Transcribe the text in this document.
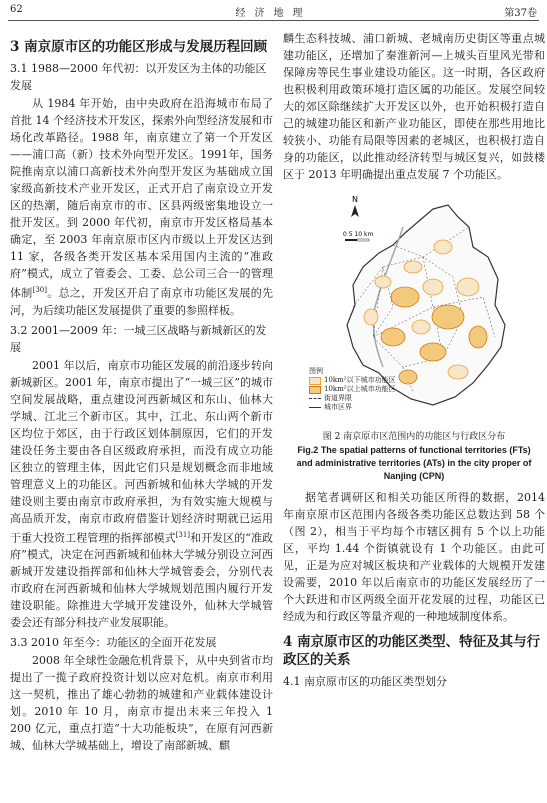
62	经济地理	第37卷
3 南京原市区的功能区形成与发展历程回顾
3.1 1988—2000 年代初：以开发区为主体的功能区发展

从 1984 年开始，由中央政府在沿海城市布局了首批 14 个经济技术开发区，探索外向型经济发展和市场化改革路径。1988 年，南京建立了第一个开发区——浦口高（新）技术外向型开发区。1991年，国务院推南京以浦口高新技术外向型开发区为基础成立国家级高新技术产业开发区，正式开启了南京设立开发区的热潮，随后南京市的市、区县两级密集地设立一批开发区。到 2000 年代初，南京市开发区格局基本确定，至 2003 年南京原市区内市级以上开发区达到 11 家，各级各类开发区基本采用国内主流的“准政府”模式，成立了管委会、工委、总公司三合一的管理体制[30]。总之，开发区开启了南京市功能区发展的先河，为后续功能区发展提供了重要的参照样板。

3.2 2001—2009 年：一城三区战略与新城新区的发展

2001 年以后，南京市功能区发展的前沿逐步转向新城新区。2001 年，南京市提出了“一城三区”的城市空间发展战略，重点建设河西新城区和东山、仙林大学城、江北三个新市区。其中，江北、东山两个新市区均位于郊区，由于行政区划体制原因，它们的开发建设任务主要由各自区级政府承担，而没有成立功能区独立的管理主体，因此它们只是规划概念而非地域管理意义上的功能区。河西新城和仙林大学城的开发建设则主要由南京市政府承担，为有效实施大规模与高品质开发，南京市政府借鉴计划经济时期就已运用于重大投资工程管理的指挥部模式[31]和开发区的“准政府”模式，决定在河西新城和仙林大学城分别设立河西新城开发建设指挥部和仙林大学城管委会，分别代表市政府在河西新城和仙林大学城规划范围内履行开发建设职能。除推进大学城开发建设外，仙林大学城管委会还有部分科技产业发展职能。

3.3 2010 年至今：功能区的全面开花发展

2008 年全球性金融危机背景下，从中央到省市均提出了一揽子政府投资计划以应对危机。南京市利用这一契机，推出了雄心勃勃的城建和产业载体建设计划。2010 年 10 月，南京市提出未来三年投入 1 200 亿元，重点打造“十大功能板块”，在原有河西新城、仙林大学城基础上，增设了南部新城、麒

麟生态科技城、浦口新城、老城南历史街区等重点城建功能区，还增加了秦淮新河—上城头百里风光带和保障房等民生事业建设功能区。这一时期，各区政府也积极利用政策环境打造区属的功能区。发展空间较大的郊区除继续扩大开发区以外，也开始积极打造自己的城建功能区和新产业功能区，即使在那些用地比较狭小、功能有局限等因素的老城区，也积极打造自身的功能区，以此推动经济转型与城区复兴，如鼓楼区于 2013 年明确提出重点发展 7 个功能区。

N
0 5 10 km
图例
10km²以下城市功能区
10km²以上城市功能区
街道界限
城市区界
图 2 南京原市区范围内的功能区与行政区分布
Fig.2 The spatial patterns of functional territories (FTs)
and administrative territories (ATs) in the city proper of
Nanjing (CPN)

据笔者调研区和相关功能区所得的数据，2014 年南京原市区范围内各级各类功能区总数达到 58 个（图 2），相当于平均每个市辖区拥有 5 个以上功能区，平均 1.44 个街镇就设有 1 个功能区。由此可见，正是为应对城区板块和产业载体的大规模开发建设需要，2010 年以后南京市的功能区发展经历了一个大跃进和市区两级全面开花发展的过程，功能区已经成为和行政区等量齐观的一种地域制度体系。

4 南京原市区的功能区类型、特征及其与行政区的关系
4.1 南京原市区的功能区类型划分
